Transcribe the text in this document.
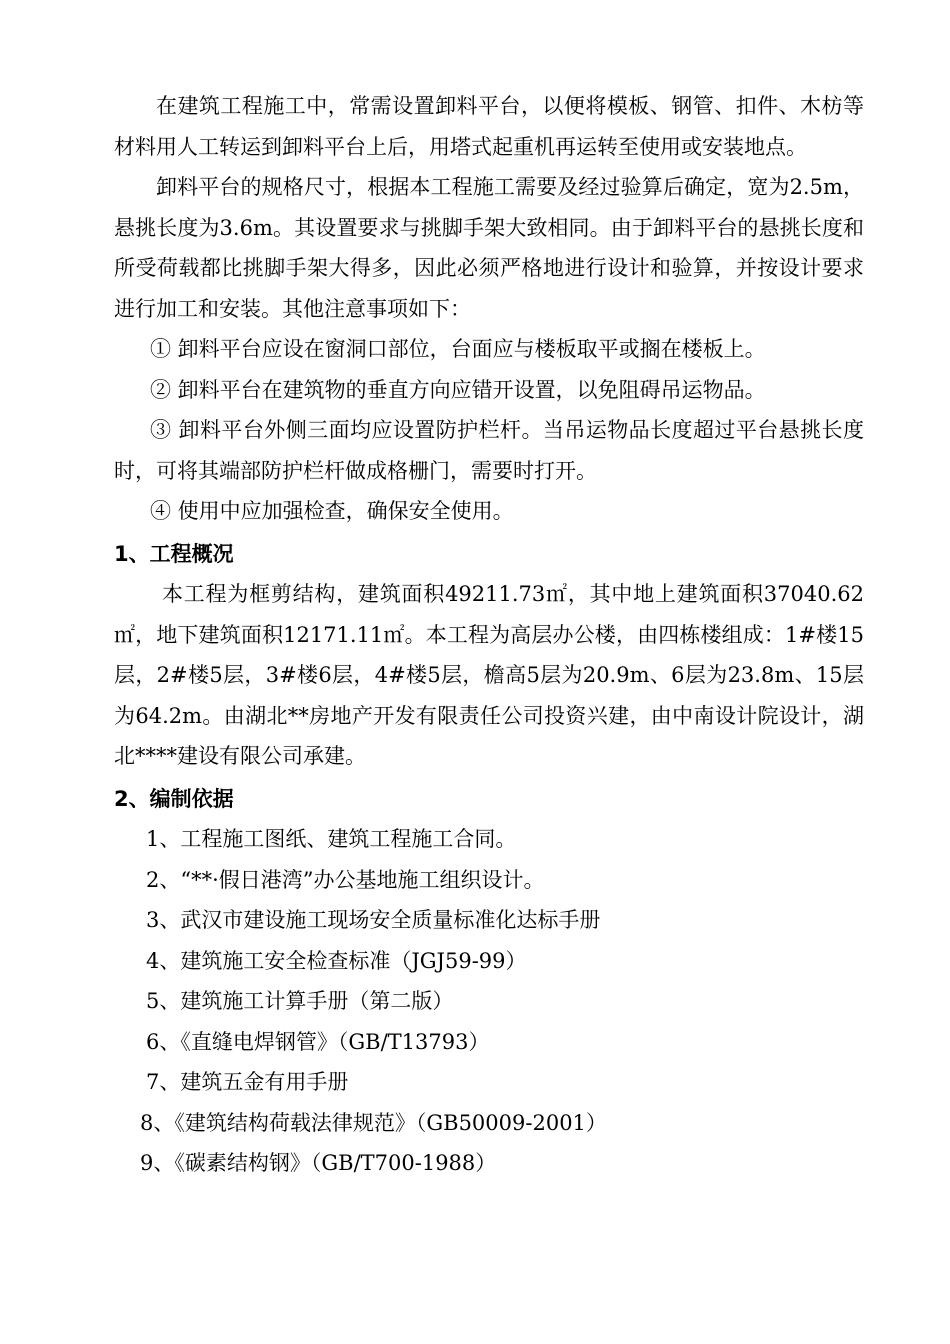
在建筑工程施工中，常需设置卸料平台，以便将模板、钢管、扣件、木枋等材料用人工转运到卸料平台上后，用塔式起重机再运转至使用或安装地点。

卸料平台的规格尺寸，根据本工程施工需要及经过验算后确定，宽为2.5m，悬挑长度为3.6m。其设置要求与挑脚手架大致相同。由于卸料平台的悬挑长度和所受荷载都比挑脚手架大得多，因此必须严格地进行设计和验算，并按设计要求进行加工和安装。其他注意事项如下：

① 卸料平台应设在窗洞口部位，台面应与楼板取平或搁在楼板上。

② 卸料平台在建筑物的垂直方向应错开设置，以免阻碍吊运物品。

③ 卸料平台外侧三面均应设置防护栏杆。当吊运物品长度超过平台悬挑长度时，可将其端部防护栏杆做成格栅门，需要时打开。

④ 使用中应加强检查，确保安全使用。

1、工程概况

本工程为框剪结构，建筑面积49211.73㎡，其中地上建筑面积37040.62㎡，地下建筑面积12171.11㎡。本工程为高层办公楼，由四栋楼组成：1#楼15层，2#楼5层，3#楼6层，4#楼5层，檐高5层为20.9m、6层为23.8m、15层为64.2m。由湖北**房地产开发有限责任公司投资兴建，由中南设计院设计，湖北****建设有限公司承建。

2、编制依据

1、工程施工图纸、建筑工程施工合同。

2、“**·假日港湾”办公基地施工组织设计。

3、武汉市建设施工现场安全质量标准化达标手册

4、建筑施工安全检查标准（JGJ59-99）

5、建筑施工计算手册（第二版）

6、《直缝电焊钢管》（GB/T13793）

7、建筑五金有用手册

8、《建筑结构荷载法律规范》（GB50009-2001）

9、《碳素结构钢》（GB/T700-1988）
